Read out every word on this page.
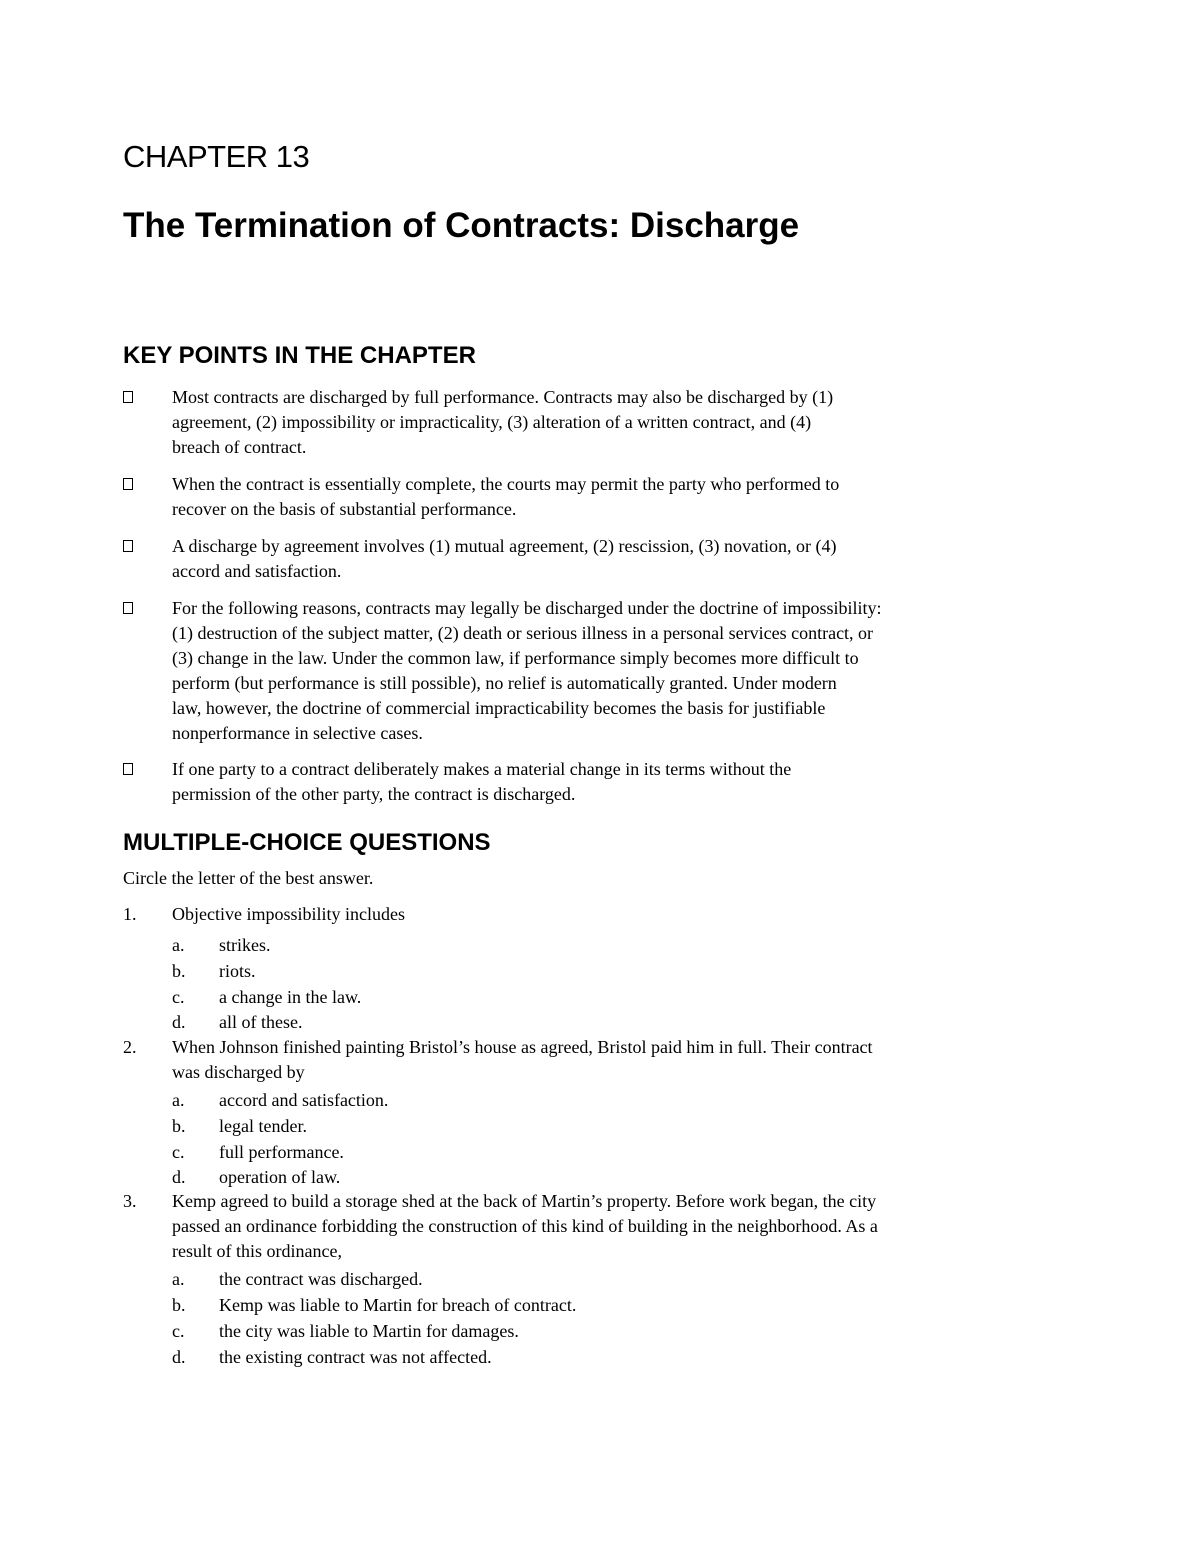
CHAPTER 13
The Termination of Contracts: Discharge
KEY POINTS IN THE CHAPTER

Most contracts are discharged by full performance. Contracts may also be discharged by (1)
agreement, (2) impossibility or impracticality, (3) alteration of a written contract, and (4)
breach of contract.

When the contract is essentially complete, the courts may permit the party who performed to
recover on the basis of substantial performance.

A discharge by agreement involves (1) mutual agreement, (2) rescission, (3) novation, or (4)
accord and satisfaction.

For the following reasons, contracts may legally be discharged under the doctrine of impossibility:
(1) destruction of the subject matter, (2) death or serious illness in a personal services contract, or
(3) change in the law. Under the common law, if performance simply becomes more difficult to
perform (but performance is still possible), no relief is automatically granted. Under modern
law, however, the doctrine of commercial impracticability becomes the basis for justifiable
nonperformance in selective cases.

If one party to a contract deliberately makes a material change in its terms without the
permission of the other party, the contract is discharged.

MULTIPLE-CHOICE QUESTIONS
Circle the letter of the best answer.
1. Objective impossibility includes
a. strikes.
b. riots.
c. a change in the law.
d. all of these.
2. When Johnson finished painting Bristol’s house as agreed, Bristol paid him in full. Their contract
was discharged by
a. accord and satisfaction.
b. legal tender.
c. full performance.
d. operation of law.
3. Kemp agreed to build a storage shed at the back of Martin’s property. Before work began, the city
passed an ordinance forbidding the construction of this kind of building in the neighborhood. As a
result of this ordinance,
a. the contract was discharged.
b. Kemp was liable to Martin for breach of contract.
c. the city was liable to Martin for damages.
d. the existing contract was not affected.
